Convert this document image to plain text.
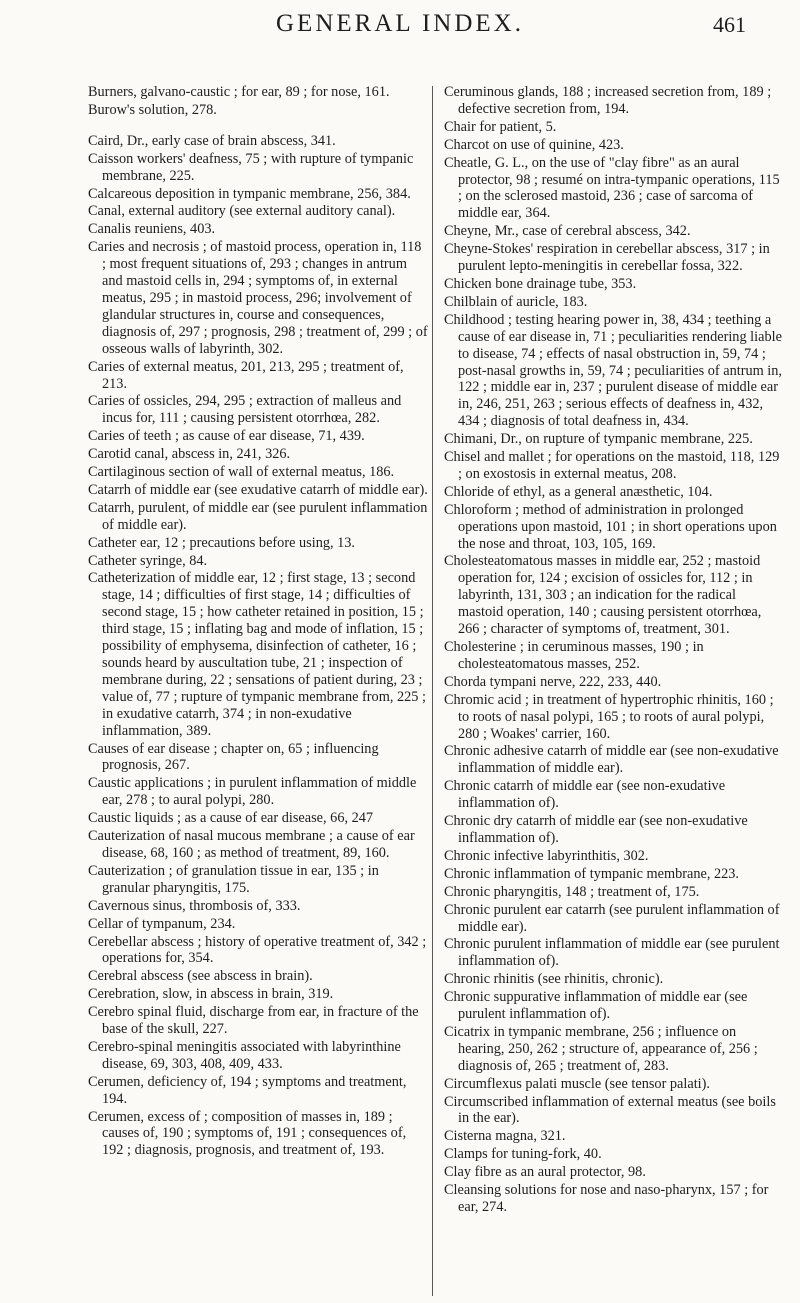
GENERAL INDEX.	461

Burners, galvano-caustic ; for ear, 89 ; for nose, 161.

Burow's solution, 278.

Caird, Dr., early case of brain abscess, 341.

Caisson workers' deafness, 75 ; with rupture of tympanic membrane, 225.

Calcareous deposition in tympanic membrane, 256, 384.

Canal, external auditory (see external auditory canal).

Canalis reuniens, 403.

Caries and necrosis ; of mastoid process, operation in, 118 ; most frequent situations of, 293 ; changes in antrum and mastoid cells in, 294 ; symptoms of, in external meatus, 295 ; in mastoid process, 296; involvement of glandular structures in, course and consequences, diagnosis of, 297 ; prognosis, 298 ; treatment of, 299 ; of osseous walls of labyrinth, 302.

Caries of external meatus, 201, 213, 295 ; treatment of, 213.

Caries of ossicles, 294, 295 ; extraction of malleus and incus for, 111 ; causing persistent otorrhœa, 282.

Caries of teeth ; as cause of ear disease, 71, 439.

Carotid canal, abscess in, 241, 326.

Cartilaginous section of wall of external meatus, 186.

Catarrh of middle ear (see exudative catarrh of middle ear).

Catarrh, purulent, of middle ear (see purulent inflammation of middle ear).

Catheter ear, 12 ; precautions before using, 13.

Catheter syringe, 84.

Catheterization of middle ear, 12 ; first stage, 13 ; second stage, 14 ; difficulties of first stage, 14 ; difficulties of second stage, 15 ; how catheter retained in position, 15 ; third stage, 15 ; inflating bag and mode of inflation, 15 ; possibility of emphysema, disinfection of catheter, 16 ; sounds heard by auscultation tube, 21 ; inspection of membrane during, 22 ; sensations of patient during, 23 ; value of, 77 ; rupture of tympanic membrane from, 225 ; in exudative catarrh, 374 ; in non-exudative inflammation, 389.

Causes of ear disease ; chapter on, 65 ; influencing prognosis, 267.

Caustic applications ; in purulent inflammation of middle ear, 278 ; to aural polypi, 280.

Caustic liquids ; as a cause of ear disease, 66, 247

Cauterization of nasal mucous membrane ; a cause of ear disease, 68, 160 ; as method of treatment, 89, 160.

Cauterization ; of granulation tissue in ear, 135 ; in granular pharyngitis, 175.

Cavernous sinus, thrombosis of, 333.

Cellar of tympanum, 234.

Cerebellar abscess ; history of operative treatment of, 342 ; operations for, 354.

Cerebral abscess (see abscess in brain).

Cerebration, slow, in abscess in brain, 319.

Cerebro spinal fluid, discharge from ear, in fracture of the base of the skull, 227.

Cerebro-spinal meningitis associated with labyrinthine disease, 69, 303, 408, 409, 433.

Cerumen, deficiency of, 194 ; symptoms and treatment, 194.

Cerumen, excess of ; composition of masses in, 189 ; causes of, 190 ; symptoms of, 191 ; consequences of, 192 ; diagnosis, prognosis, and treatment of, 193.

Ceruminous glands, 188 ; increased secretion from, 189 ; defective secretion from, 194.

Chair for patient, 5.

Charcot on use of quinine, 423.

Cheatle, G. L., on the use of "clay fibre" as an aural protector, 98 ; resumé on intra-tympanic operations, 115 ; on the sclerosed mastoid, 236 ; case of sarcoma of middle ear, 364.

Cheyne, Mr., case of cerebral abscess, 342.

Cheyne-Stokes' respiration in cerebellar abscess, 317 ; in purulent lepto-meningitis in cerebellar fossa, 322.

Chicken bone drainage tube, 353.

Chilblain of auricle, 183.

Childhood ; testing hearing power in, 38, 434 ; teething a cause of ear disease in, 71 ; peculiarities rendering liable to disease, 74 ; effects of nasal obstruction in, 59, 74 ; post-nasal growths in, 59, 74 ; peculiarities of antrum in, 122 ; middle ear in, 237 ; purulent disease of middle ear in, 246, 251, 263 ; serious effects of deafness in, 432, 434 ; diagnosis of total deafness in, 434.

Chimani, Dr., on rupture of tympanic membrane, 225.

Chisel and mallet ; for operations on the mastoid, 118, 129 ; on exostosis in external meatus, 208.

Chloride of ethyl, as a general anæsthetic, 104.

Chloroform ; method of administration in prolonged operations upon mastoid, 101 ; in short operations upon the nose and throat, 103, 105, 169.

Cholesteatomatous masses in middle ear, 252 ; mastoid operation for, 124 ; excision of ossicles for, 112 ; in labyrinth, 131, 303 ; an indication for the radical mastoid operation, 140 ; causing persistent otorrhœa, 266 ; character of symptoms of, treatment, 301.

Cholesterine ; in ceruminous masses, 190 ; in cholesteatomatous masses, 252.

Chorda tympani nerve, 222, 233, 440.

Chromic acid ; in treatment of hypertrophic rhinitis, 160 ; to roots of nasal polypi, 165 ; to roots of aural polypi, 280 ; Woakes' carrier, 160.

Chronic adhesive catarrh of middle ear (see non-exudative inflammation of middle ear).

Chronic catarrh of middle ear (see non-exudative inflammation of).

Chronic dry catarrh of middle ear (see non-exudative inflammation of).

Chronic infective labyrinthitis, 302.

Chronic inflammation of tympanic membrane, 223.

Chronic pharyngitis, 148 ; treatment of, 175.

Chronic purulent ear catarrh (see purulent inflammation of middle ear).

Chronic purulent inflammation of middle ear (see purulent inflammation of).

Chronic rhinitis (see rhinitis, chronic).

Chronic suppurative inflammation of middle ear (see purulent inflammation of).

Cicatrix in tympanic membrane, 256 ; influence on hearing, 250, 262 ; structure of, appearance of, 256 ; diagnosis of, 265 ; treatment of, 283.

Circumflexus palati muscle (see tensor palati).

Circumscribed inflammation of external meatus (see boils in the ear).

Cisterna magna, 321.

Clamps for tuning-fork, 40.

Clay fibre as an aural protector, 98.

Cleansing solutions for nose and naso-pharynx, 157 ; for ear, 274.
